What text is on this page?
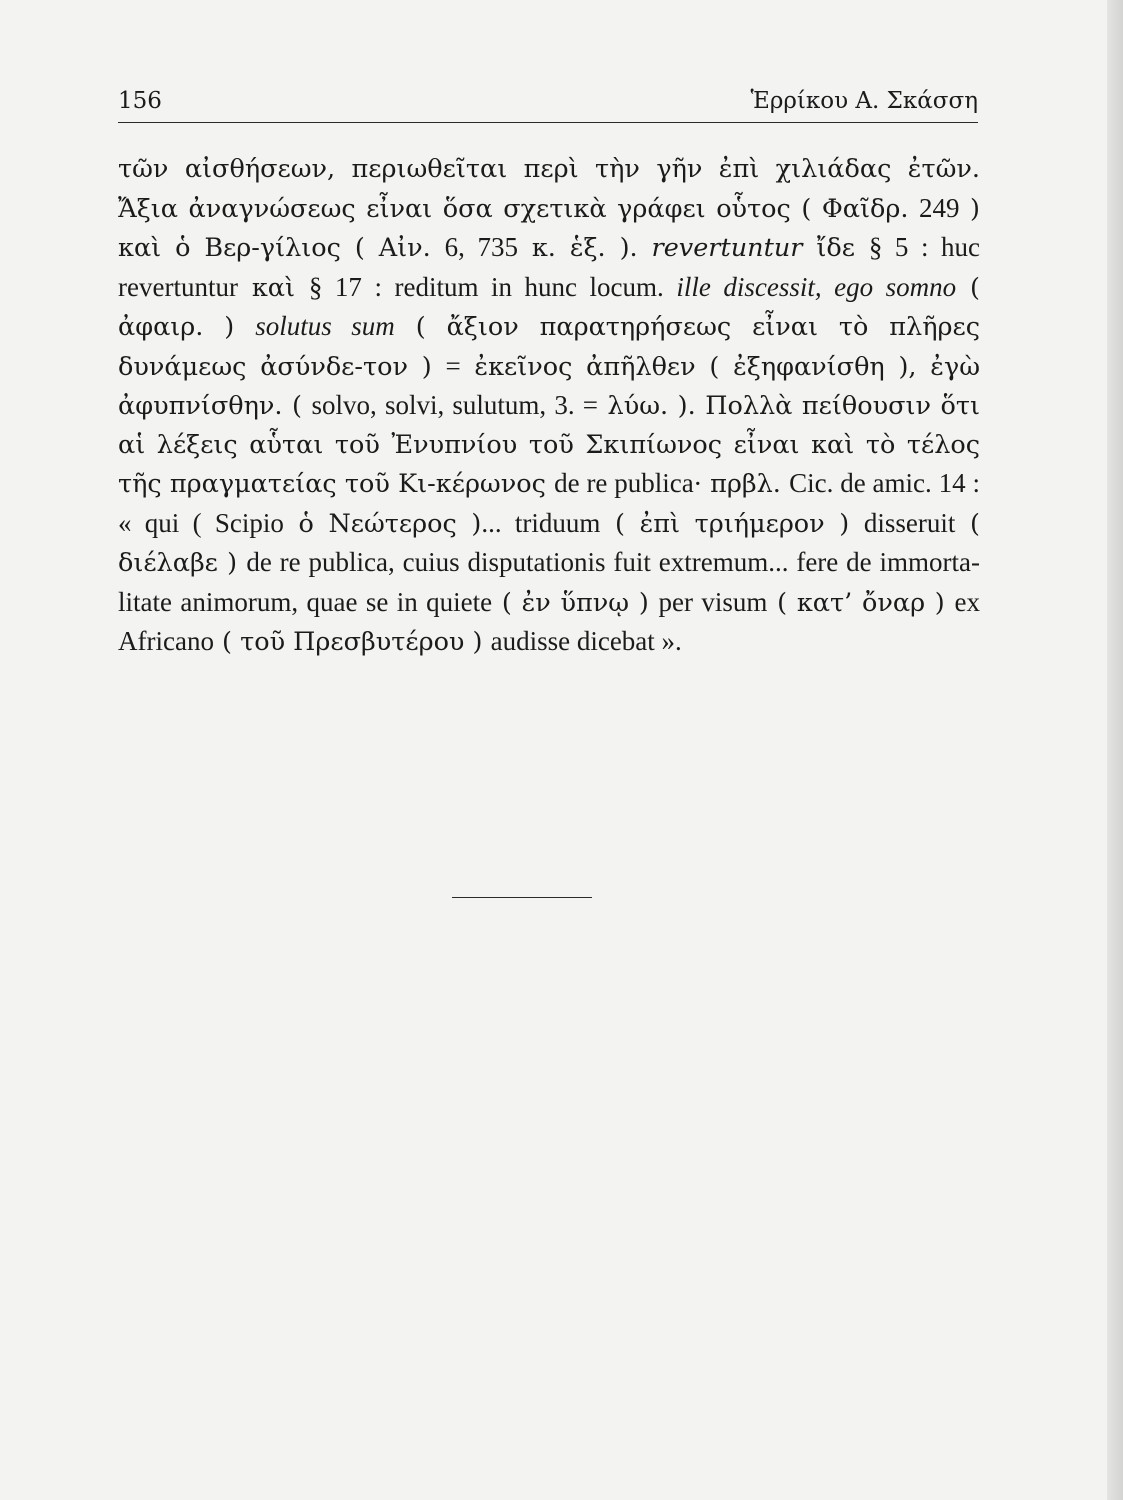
156	Ἑρρίκου Α. Σκάσση

τῶν αἰσθήσεων, περιωθεῖται περὶ τὴν γῆν ἐπὶ χιλιάδας ἐτῶν. Ἄξια ἀναγνώσεως εἶναι ὅσα σχετικὰ γράφει οὗτος ( Φαῖδρ. 249 ) καὶ ὁ Βερ-γίλιος ( Αἰν. 6, 735 κ. ἑξ. ). revertuntur ἴδε § 5 : huc revertuntur καὶ § 17 : reditum in hunc locum. ille discessit, ego somno ( ἀφαιρ. ) solutus sum ( ἄξιον παρατηρήσεως εἶναι τὸ πλῆρες δυνάμεως ἀσύνδε-τον ) = ἐκεῖνος ἀπῆλθεν ( ἐξηφανίσθη ), ἐγὼ ἀφυπνίσθην. ( solvo, solvi, sulutum, 3. = λύω. ). Πολλὰ πείθουσιν ὅτι αἱ λέξεις αὗται τοῦ Ἐνυπνίου τοῦ Σκιπίωνος εἶναι καὶ τὸ τέλος τῆς πραγματείας τοῦ Κι-κέρωνος de re publica· πρβλ. Cic. de amic. 14 : « qui ( Scipio ὁ Νεώτερος )... triduum ( ἐπὶ τριήμερον ) disseruit ( διέλαβε ) de re publica, cuius disputationis fuit extremum... fere de immorta-litate animorum, quae se in quiete ( ἐν ὕπνῳ ) per visum ( κατ’ ὄναρ ) ex Africano ( τοῦ Πρεσβυτέρου ) audisse dicebat ».
